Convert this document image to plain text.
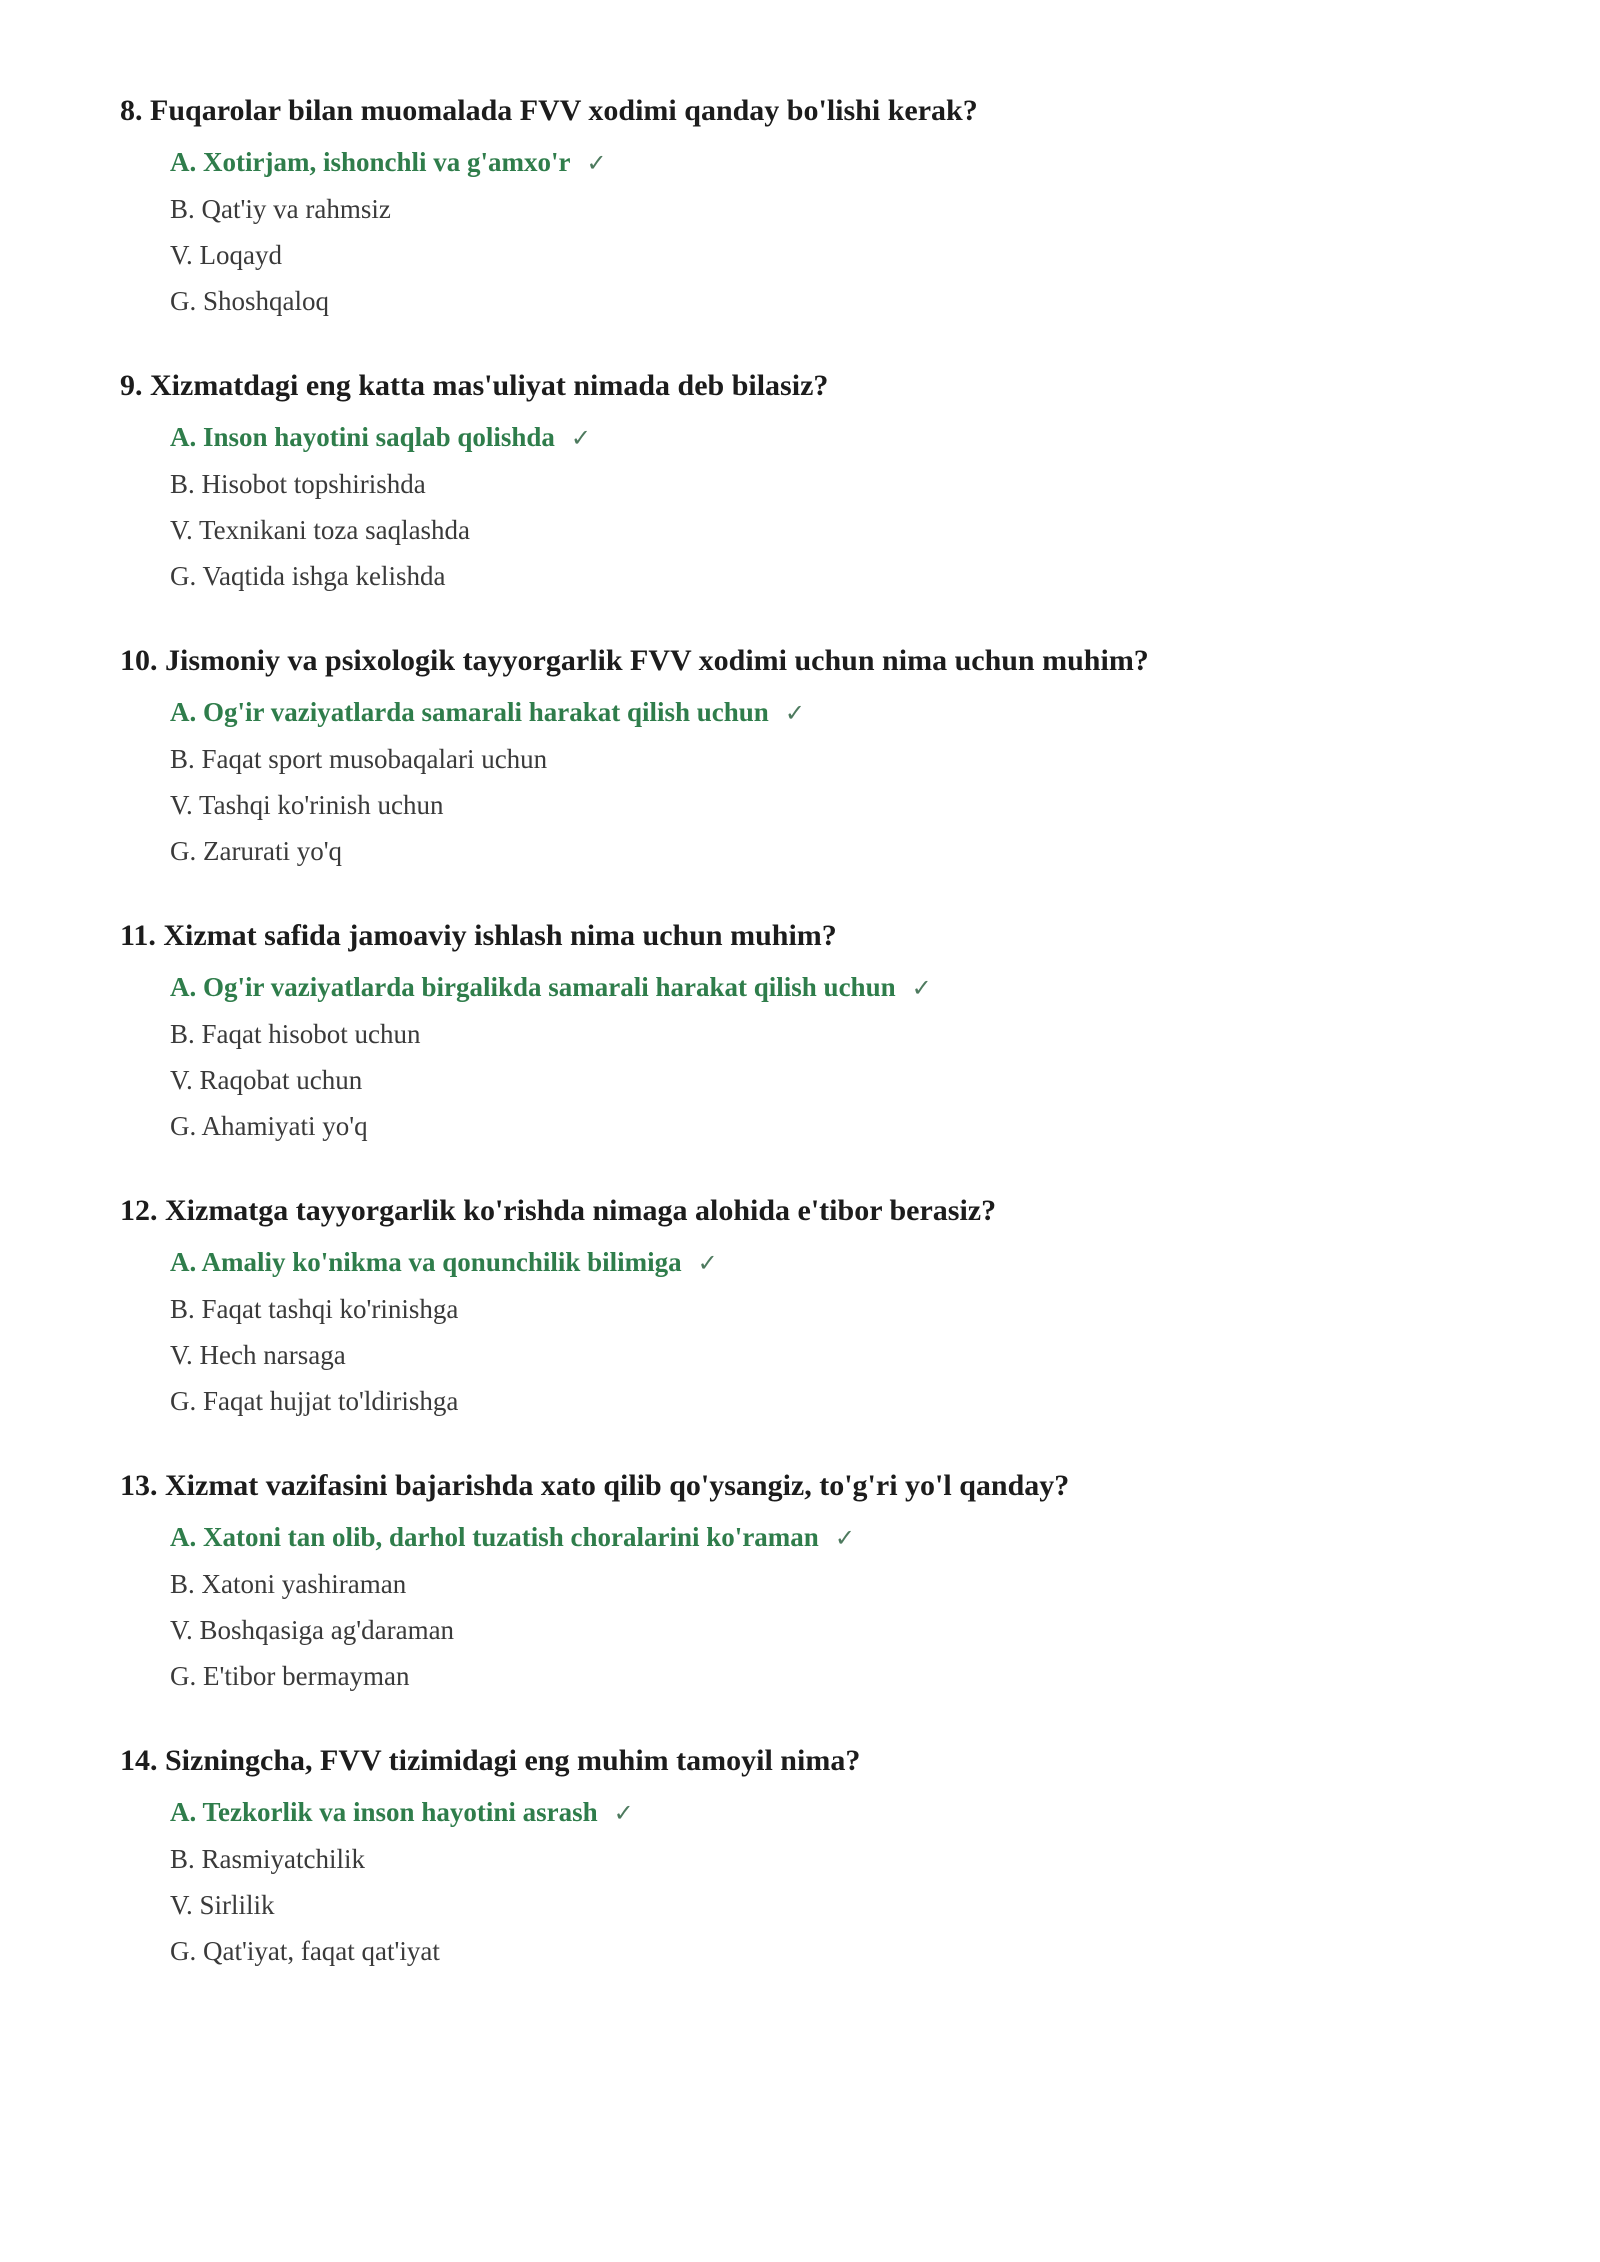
8. Fuqarolar bilan muomalada FVV xodimi qanday bo'lishi kerak?
A. Xotirjam, ishonchli va g'amxo'r ✓
B. Qat'iy va rahmsiz
V. Loqayd
G. Shoshqaloq
9. Xizmatdagi eng katta mas'uliyat nimada deb bilasiz?
A. Inson hayotini saqlab qolishda ✓
B. Hisobot topshirishda
V. Texnikani toza saqlashda
G. Vaqtida ishga kelishda
10. Jismoniy va psixologik tayyorgarlik FVV xodimi uchun nima uchun muhim?
A. Og'ir vaziyatlarda samarali harakat qilish uchun ✓
B. Faqat sport musobaqalari uchun
V. Tashqi ko'rinish uchun
G. Zarurati yo'q
11. Xizmat safida jamoaviy ishlash nima uchun muhim?
A. Og'ir vaziyatlarda birgalikda samarali harakat qilish uchun ✓
B. Faqat hisobot uchun
V. Raqobat uchun
G. Ahamiyati yo'q
12. Xizmatga tayyorgarlik ko'rishda nimaga alohida e'tibor berasiz?
A. Amaliy ko'nikma va qonunchilik bilimiga ✓
B. Faqat tashqi ko'rinishga
V. Hech narsaga
G. Faqat hujjat to'ldirishga
13. Xizmat vazifasini bajarishda xato qilib qo'ysangiz, to'g'ri yo'l qanday?
A. Xatoni tan olib, darhol tuzatish choralarini ko'raman ✓
B. Xatoni yashiraman
V. Boshqasiga ag'daraman
G. E'tibor bermayman
14. Sizningcha, FVV tizimidagi eng muhim tamoyil nima?
A. Tezkorlik va inson hayotini asrash ✓
B. Rasmiyatchilik
V. Sirlilik
G. Qat'iyat, faqat qat'iyat
